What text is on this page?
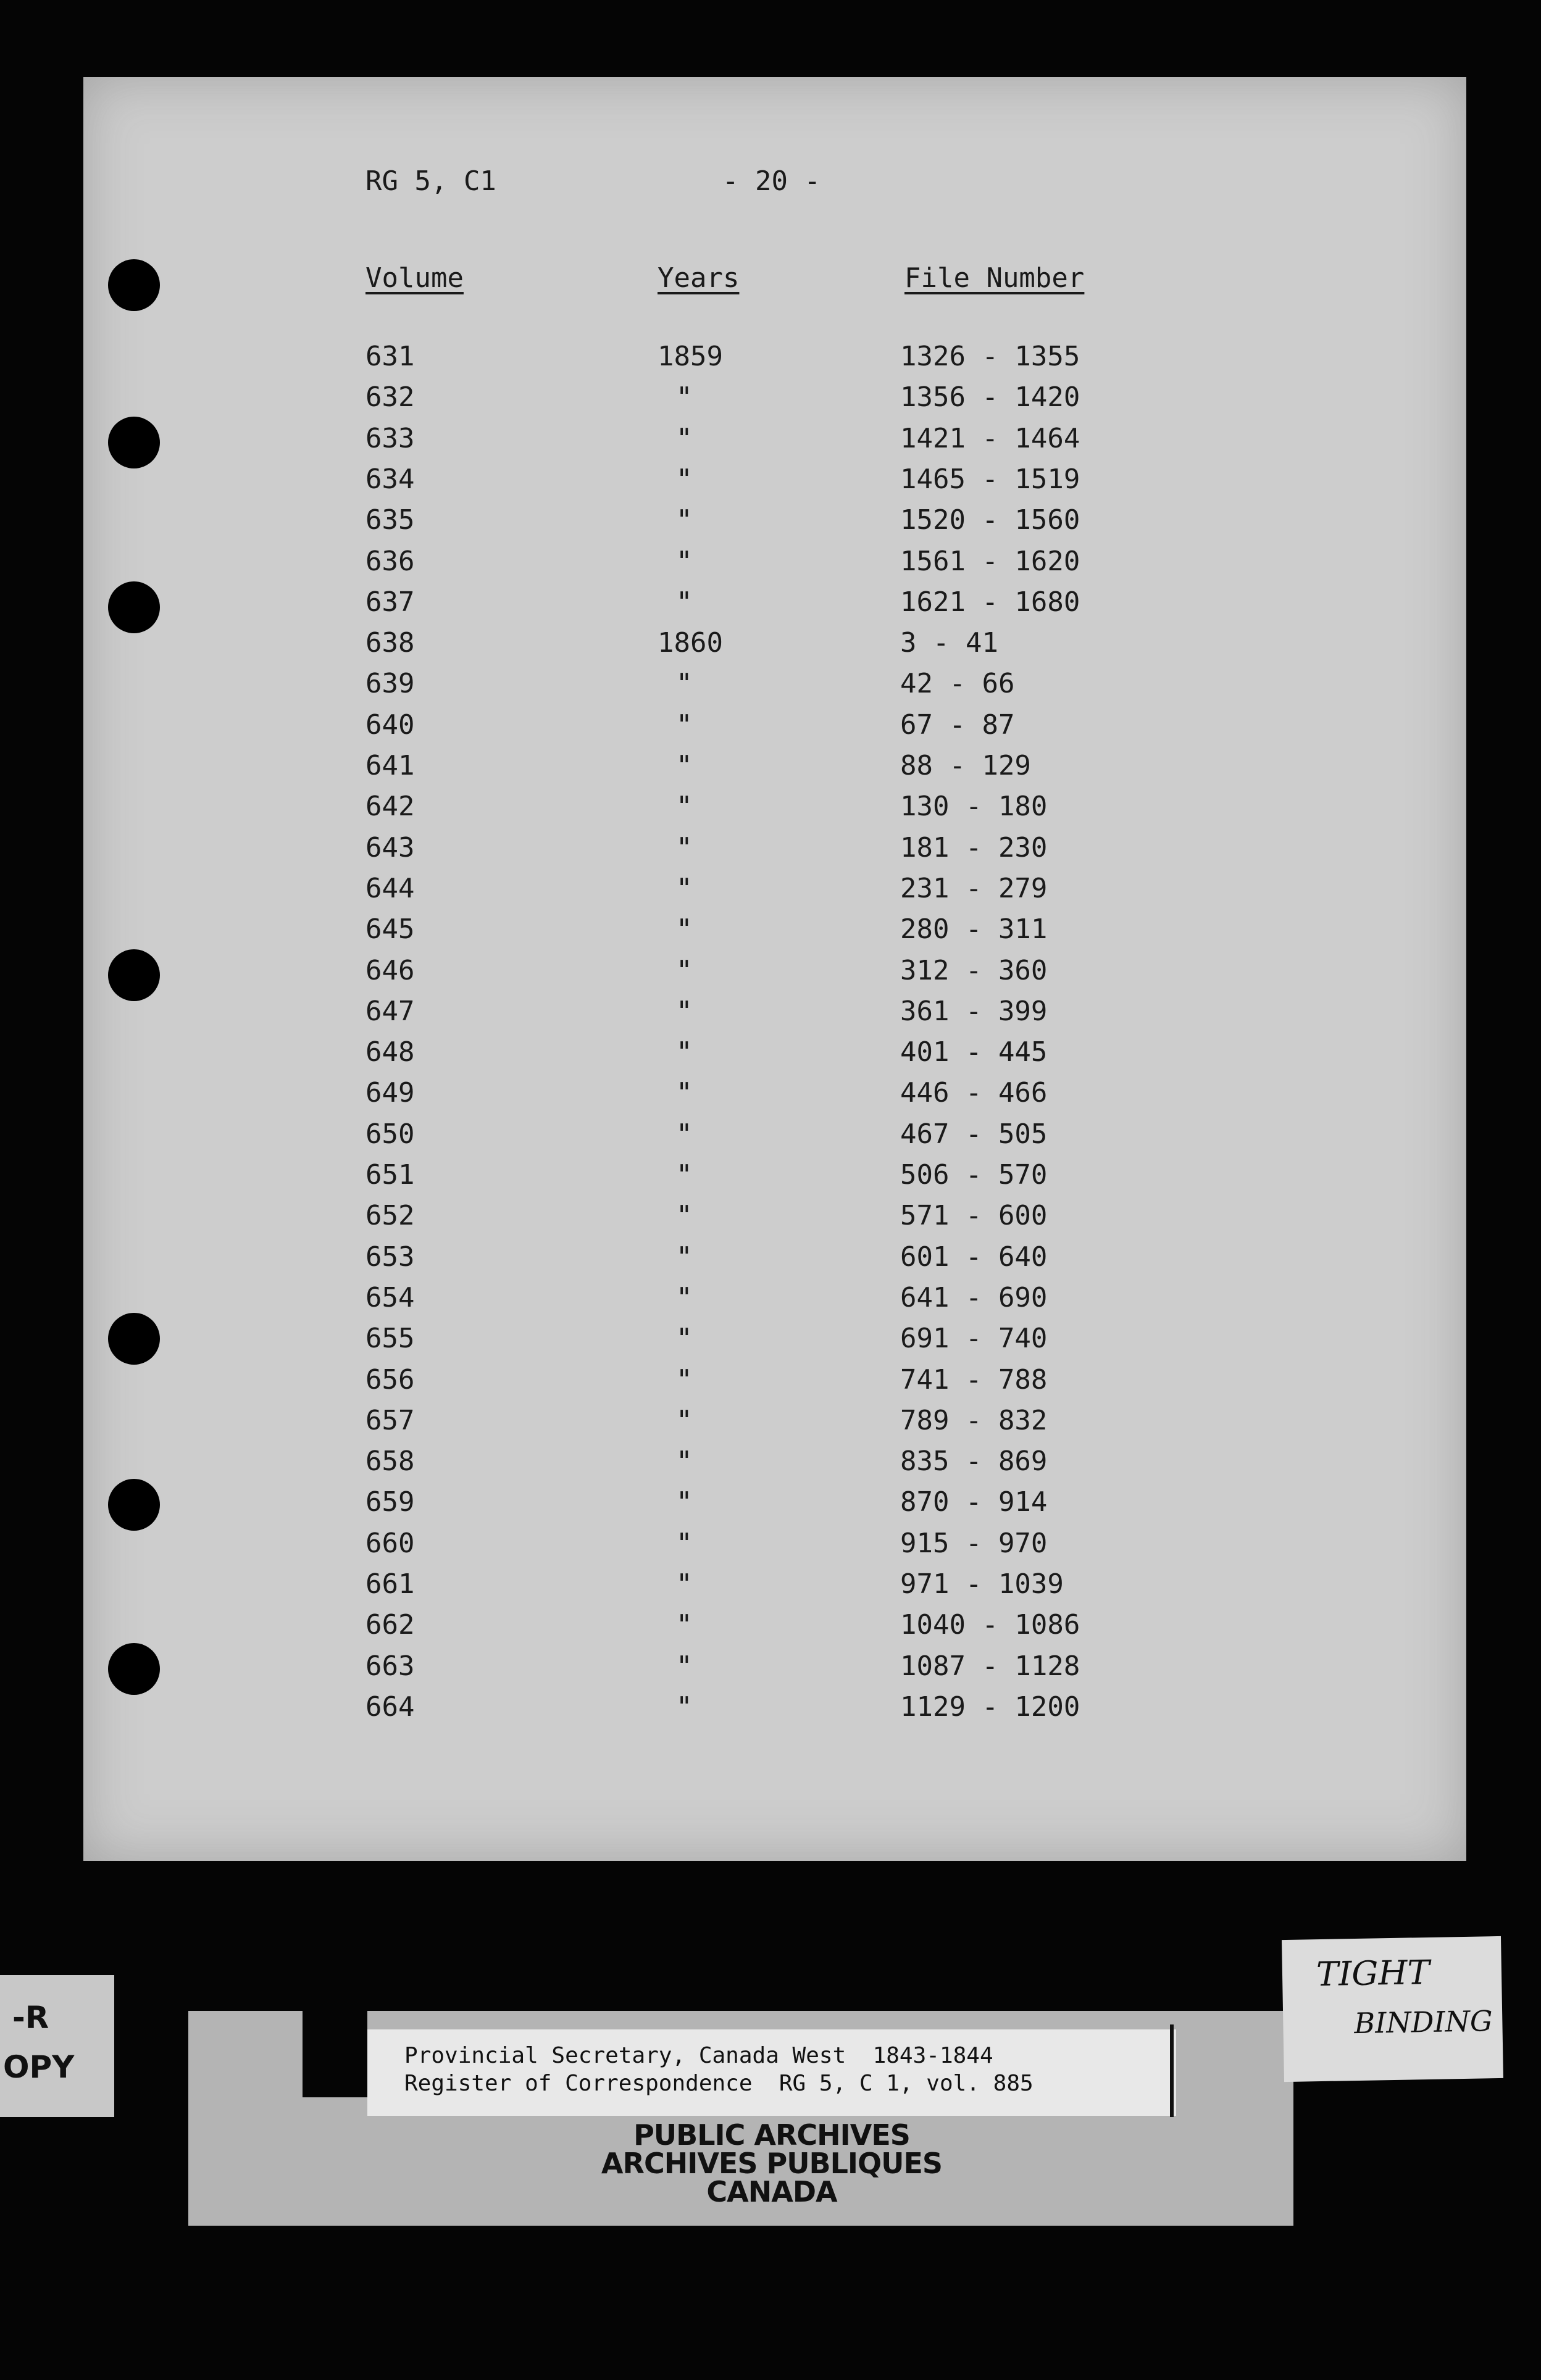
RG 5, C1	- 20 -
Volume	Years	File Number
631	1859	1326 - 1355
632	"	1356 - 1420
633	"	1421 - 1464
634	"	1465 - 1519
635	"	1520 - 1560
636	"	1561 - 1620
637	"	1621 - 1680
638	1860	3 - 41
639	"	42 - 66
640	"	67 - 87
641	"	88 - 129
642	"	130 - 180
643	"	181 - 230
644	"	231 - 279
645	"	280 - 311
646	"	312 - 360
647	"	361 - 399
648	"	401 - 445
649	"	446 - 466
650	"	467 - 505
651	"	506 - 570
652	"	571 - 600
653	"	601 - 640
654	"	641 - 690
655	"	691 - 740
656	"	741 - 788
657	"	789 - 832
658	"	835 - 869
659	"	870 - 914
660	"	915 - 970
661	"	971 - 1039
662	"	1040 - 1086
663	"	1087 - 1128
664	"	1129 - 1200
Provincial Secretary, Canada West  1843-1844
Register of Correspondence  RG 5, C 1, vol. 885
PUBLIC ARCHIVES
ARCHIVES PUBLIQUES
CANADA
-R
OPY
TIGHT
BINDING
